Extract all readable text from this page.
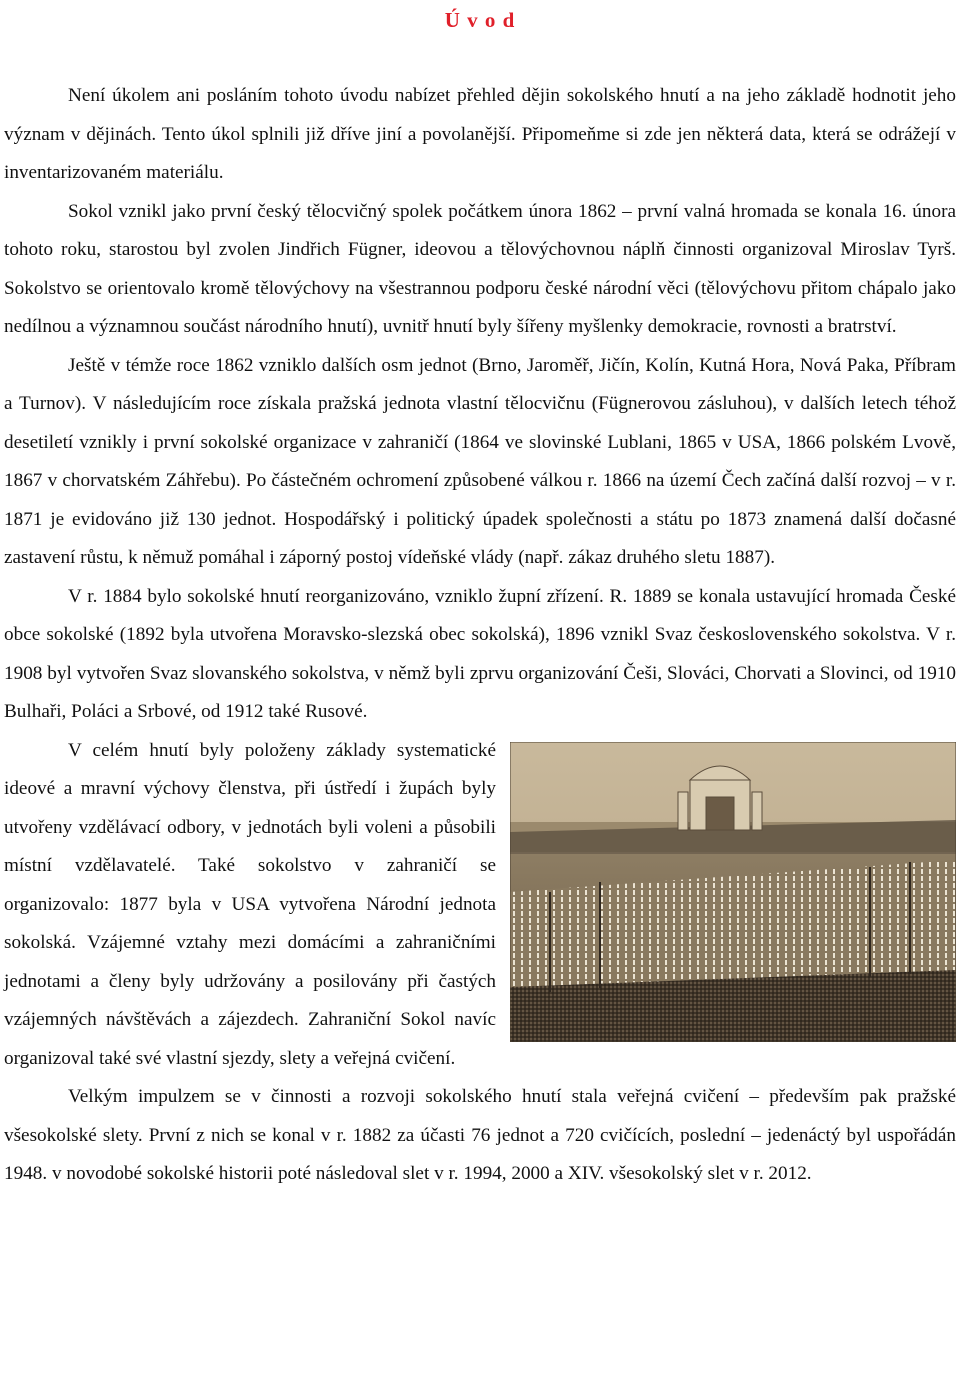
Ú v o d

Není úkolem ani posláním tohoto úvodu nabízet přehled dějin sokolského hnutí a na jeho základě hodnotit jeho význam v dějinách. Tento úkol splnili již dříve jiní a povolanější. Připomeňme si zde jen některá data, která se odrážejí v inventarizovaném materiálu.

Sokol vznikl jako první český tělocvičný spolek počátkem února 1862 – první valná hromada se konala 16. února tohoto roku, starostou byl zvolen Jindřich Fügner, ideovou a tělovýchovnou náplň činnosti organizoval Miroslav Tyrš. Sokolstvo se orientovalo kromě tělovýchovy na všestrannou podporu české národní věci (tělovýchovu přitom chápalo jako nedílnou a významnou součást národního hnutí), uvnitř hnutí byly šířeny myšlenky demokracie, rovnosti a bratrství.

Ještě v témže roce 1862 vzniklo dalších osm jednot (Brno, Jaroměř, Jičín, Kolín, Kutná Hora, Nová Paka, Příbram a Turnov). V následujícím roce získala pražská jednota vlastní tělocvičnu (Fügnerovou zásluhou), v dalších letech téhož desetiletí vznikly i první sokolské organizace v zahraničí (1864 ve slovinské Lublani, 1865 v USA, 1866 polském Lvově, 1867 v chorvatském Záhřebu). Po částečném ochromení způsobené válkou r. 1866 na území Čech začíná další rozvoj – v r. 1871 je evidováno již 130 jednot. Hospodářský i politický úpadek společnosti a státu po 1873 znamená další dočasné zastavení růstu, k němuž pomáhal i záporný postoj vídeňské vlády (např. zákaz druhého sletu 1887).

V r. 1884 bylo sokolské hnutí reorganizováno, vzniklo župní zřízení. R. 1889 se konala ustavující hromada České obce sokolské (1892 byla utvořena Moravsko-slezská obec sokolská), 1896 vznikl Svaz československého sokolstva. V r. 1908 byl vytvořen Svaz slovanského sokolstva, v němž byli zprvu organizování Češi, Slováci, Chorvati a Slovinci, od 1910 Bulhaři, Poláci a Srbové, od 1912 také Rusové.

V celém hnutí byly položeny základy systematické ideové a mravní výchovy členstva, při ústředí i župách byly utvořeny vzdělávací odbory, v jednotách byli voleni a působili místní vzdělavatelé. Také sokolstvo v zahraničí se organizovalo: 1877 byla v USA vytvořena Národní jednota sokolská. Vzájemné vztahy mezi domácími a zahraničními jednotami a členy byly udržovány a posilovány při častých vzájemných návštěvách a zájezdech. Zahraniční Sokol navíc organizoval také své vlastní sjezdy, slety a veřejná cvičení.

Velkým impulzem se v činnosti a rozvoji sokolského hnutí stala veřejná cvičení – především pak pražské všesokolské slety. První z nich se konal v r. 1882 za účasti 76 jednot a 720 cvičících, poslední – jedenáctý byl uspořádán 1948. v novodobé sokolské historii poté následoval slet v r. 1994, 2000 a XIV. všesokolský slet v r. 2012.
